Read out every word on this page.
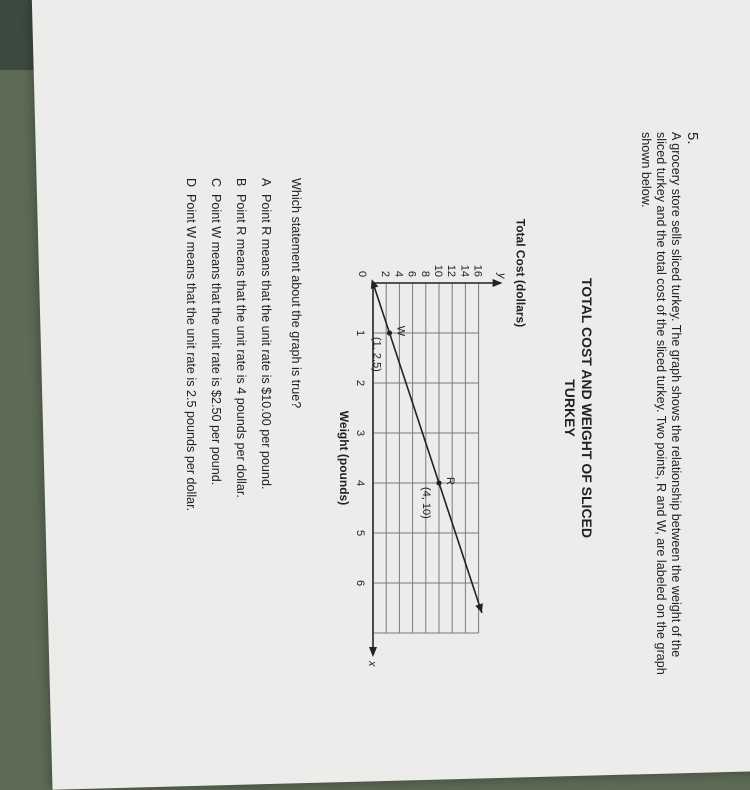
5.

A grocery store sells sliced turkey. The graph shows the relationship between the weight of the sliced turkey and the total cost of the sliced turkey. Two points, R and W, are labeled on the graph shown below.

TOTAL COST AND WEIGHT OF SLICED TURKEY
x
y
0
1
2
3
4
5
6
2 4 6 8 10 12 14 16
Weight (pounds)
Total Cost (dollars)
W
(1, 2.5)
R
(4, 10)
Which statement about the graph is true?
APoint R means that the unit rate is $10.00 per pound.
BPoint R means that the unit rate is 4 pounds per dollar.
CPoint W means that the unit rate is $2.50 per pound.
DPoint W means that the unit rate is 2.5 pounds per dollar.
